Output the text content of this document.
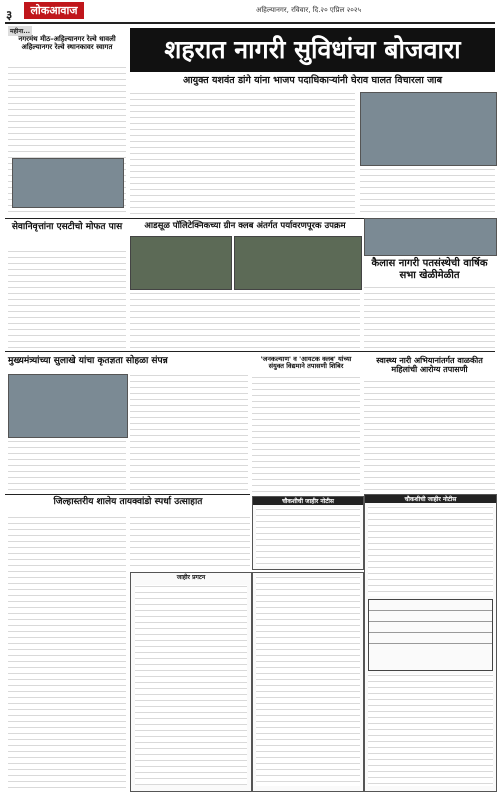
३	लोकआवाज	अहिल्यानगर, रविवार, दि.२० एप्रिल २०२५
महीना...
नगरमंथ मीठ–अहिल्यानगर रेल्वे धावली अहिल्यानगर रेल्वे स्थानकावर स्वागत	शहरात नागरी सुविधांचा बोजवारा
आयुक्त यशवंत डांगे यांना भाजप पदाधिकाऱ्यांनी घेराव घालत विचारला जाब
सेवानिवृत्तांना एसटीचो मोफत पास	आडसूळ पॉलिटेक्निकच्या ग्रीन क्लब अंतर्गत पर्यावरणपूरक उपक्रम
कैलास नागरी पतसंस्थेची वार्षिक सभा खेळीमेळीत
मुख्यमंत्र्यांच्या सुलाखे यांचा कृतज्ञता सोहळा संपन्न	'जनकल्याण' व 'आयटक क्लब' यांच्या संयुक्त विद्यमाने तपासणी शिबिर
स्वास्थ्य नारी अभियानांतर्गत वाळकीत महिलांची आरोग्य तपासणी
जिल्हास्तरीय शालेय तायक्वांडो स्पर्धा उत्साहात
जाहीर प्रगटन
चौकशीची जाहीर नोटीस	चौकशीची जाहीर नोटीस
